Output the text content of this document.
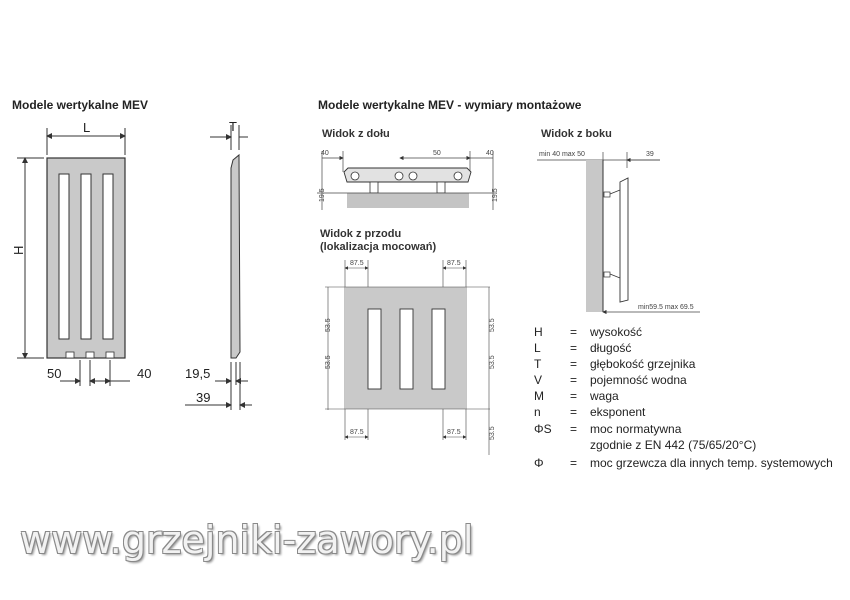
Modele wertykalne MEV	Modele wertykalne MEV - wymiary montażowe
L
H
50	40
T
19,5
39
Widok z dołu
40	50	40
19.5	19.5
Widok z boku
min 40 max 50	39
min59.5 max 69.5
Widok z przodu
(lokalizacja mocowań)
87.5	87.5
87.5	87.5
53.5
53.5
53.5
53.5
53.5
H = wysokość
L = długość
T = głębokość grzejnika
V = pojemność wodna
M = waga
n = eksponent
ΦS = moc normatywna
zgodnie z EN 442 (75/65/20°C)
Φ = moc grzewcza dla innych temp. systemowych
www.grzejniki-zawory.pl
